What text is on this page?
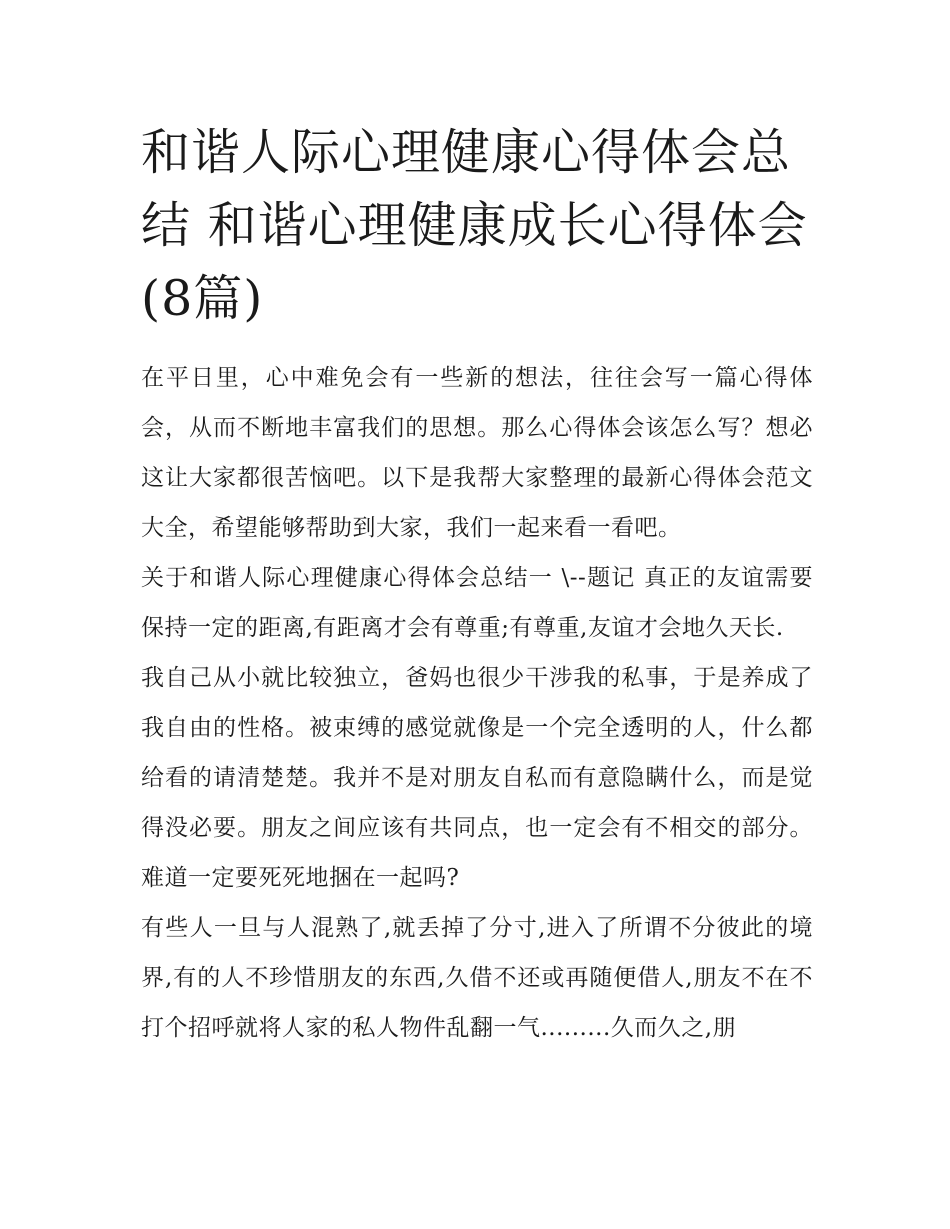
和谐人际心理健康心得体会总结 和谐心理健康成长心得体会(8篇)

在平日里，心中难免会有一些新的想法，往往会写一篇心得体会，从而不断地丰富我们的思想。那么心得体会该怎么写？想必这让大家都很苦恼吧。以下是我帮大家整理的最新心得体会范文大全，希望能够帮助到大家，我们一起来看一看吧。

关于和谐人际心理健康心得体会总结一 \--题记 真正的友谊需要保持一定的距离,有距离才会有尊重;有尊重,友谊才会地久天长.

我自己从小就比较独立，爸妈也很少干涉我的私事，于是养成了我自由的性格。被束缚的感觉就像是一个完全透明的人，什么都给看的请清楚楚。我并不是对朋友自私而有意隐瞒什么，而是觉得没必要。朋友之间应该有共同点，也一定会有不相交的部分。难道一定要死死地捆在一起吗?

有些人一旦与人混熟了,就丢掉了分寸,进入了所谓不分彼此的境界,有的人不珍惜朋友的东西,久借不还或再随便借人,朋友不在不打个招呼就将人家的私人物件乱翻一气.........久而久之,朋
